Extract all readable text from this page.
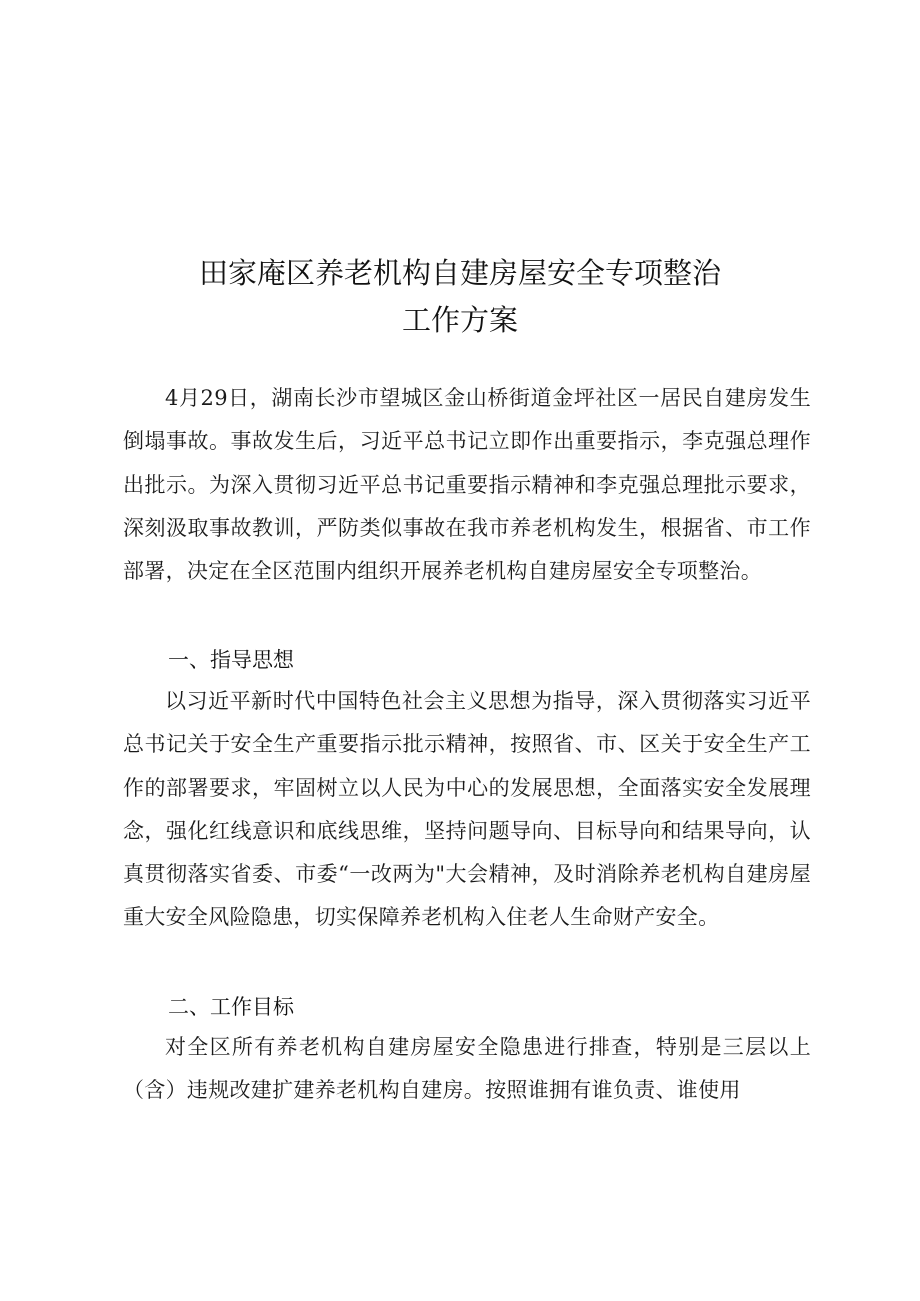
田家庵区养老机构自建房屋安全专项整治
工作方案

4月29日，湖南长沙市望城区金山桥街道金坪社区一居民自建房发生倒塌事故。事故发生后，习近平总书记立即作出重要指示，李克强总理作出批示。为深入贯彻习近平总书记重要指示精神和李克强总理批示要求，深刻汲取事故教训，严防类似事故在我市养老机构发生，根据省、市工作部署，决定在全区范围内组织开展养老机构自建房屋安全专项整治。

一、指导思想

以习近平新时代中国特色社会主义思想为指导，深入贯彻落实习近平总书记关于安全生产重要指示批示精神，按照省、市、区关于安全生产工作的部署要求，牢固树立以人民为中心的发展思想，全面落实安全发展理念，强化红线意识和底线思维，坚持问题导向、目标导向和结果导向，认真贯彻落实省委、市委“一改两为"大会精神，及时消除养老机构自建房屋重大安全风险隐患，切实保障养老机构入住老人生命财产安全。

二、工作目标

对全区所有养老机构自建房屋安全隐患进行排查，特别是三层以上（含）违规改建扩建养老机构自建房。按照谁拥有谁负责、谁使用
